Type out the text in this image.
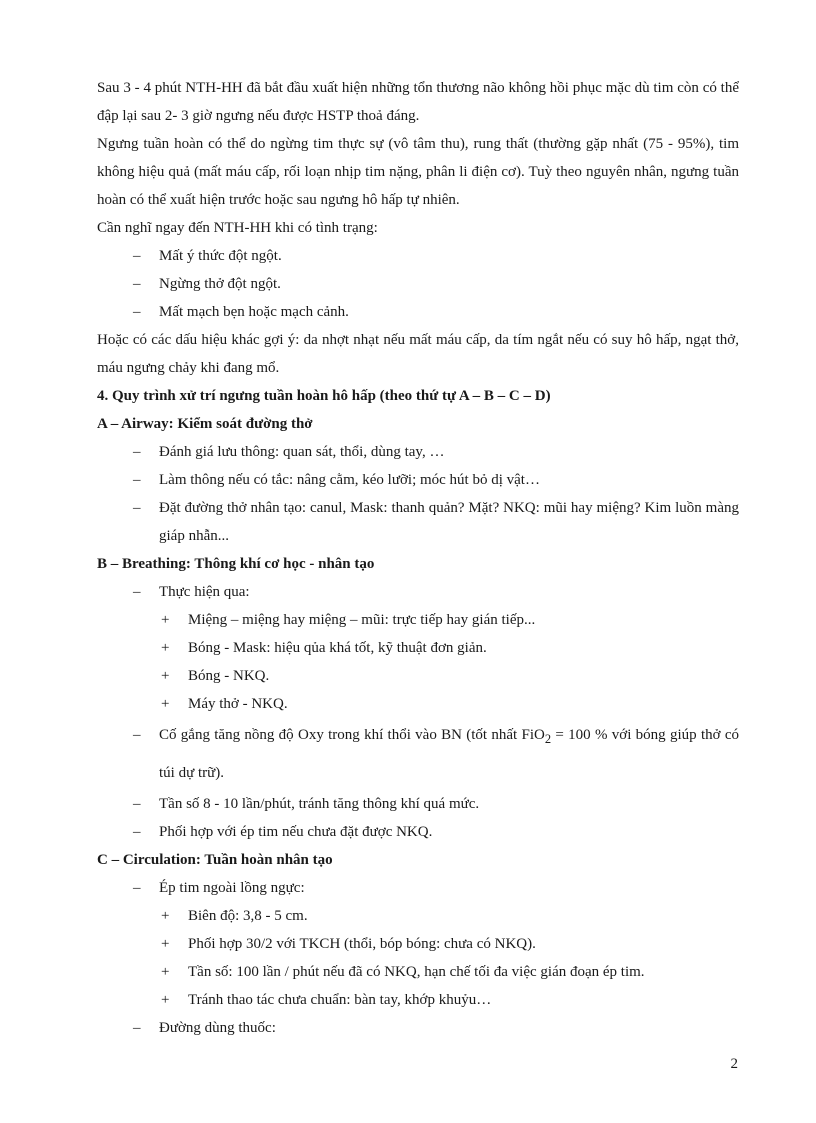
Sau 3 - 4 phút NTH-HH đã bắt đầu xuất hiện những tổn thương não không hồi phục mặc dù tim còn có thể đập lại sau 2- 3 giờ ngưng nếu được HSTP thoả đáng.

Ngưng tuần hoàn có thể do ngừng tim thực sự (vô tâm thu), rung thất (thường gặp nhất (75 - 95%), tim không hiệu quả (mất máu cấp, rối loạn nhịp tim nặng, phân li điện cơ). Tuỳ theo nguyên nhân, ngưng tuần hoàn có thể xuất hiện trước hoặc sau ngưng hô hấp tự nhiên.

Cần nghĩ ngay đến NTH-HH khi có tình trạng:

– Mất ý thức đột ngột.

– Ngừng thở đột ngột.

– Mất mạch bẹn hoặc mạch cảnh.

Hoặc có các dấu hiệu khác gợi ý: da nhợt nhạt nếu mất máu cấp, da tím ngắt nếu có suy hô hấp, ngạt thở, máu ngưng chảy khi đang mổ.

4. Quy trình xử trí ngưng tuần hoàn hô hấp (theo thứ tự A – B – C – D)

A – Airway: Kiểm soát đường thở

– Đánh giá lưu thông: quan sát, thổi, dùng tay, …

– Làm thông nếu có tắc: nâng cằm, kéo lưỡi; móc hút bỏ dị vật…

– Đặt đường thở nhân tạo: canul, Mask: thanh quản? Mặt? NKQ: mũi hay miệng? Kim luồn màng giáp nhẫn...

B – Breathing: Thông khí cơ học - nhân tạo

– Thực hiện qua:

+ Miệng – miệng hay miệng – mũi: trực tiếp hay gián tiếp...

+ Bóng - Mask: hiệu qủa khá tốt, kỹ thuật đơn giản.

+ Bóng - NKQ.

+ Máy thở - NKQ.

– Cố gắng tăng nồng độ Oxy trong khí thổi vào BN (tốt nhất FiO$_2$ = 100 % với bóng giúp thở có túi dự trữ).

– Tần số 8 - 10 lần/phút, tránh tăng thông khí quá mức.

– Phối hợp với ép tim nếu chưa đặt được NKQ.

C – Circulation: Tuần hoàn nhân tạo

– Ép tim ngoài lồng ngực:

+ Biên độ: 3,8 - 5 cm.

+ Phối hợp 30/2 với TKCH (thổi, bóp bóng: chưa có NKQ).

+ Tần số: 100 lần / phút nếu đã có NKQ, hạn chế tối đa việc gián đoạn ép tim.

+ Tránh thao tác chưa chuẩn: bàn tay, khớp khuỷu…

– Đường dùng thuốc:

2
